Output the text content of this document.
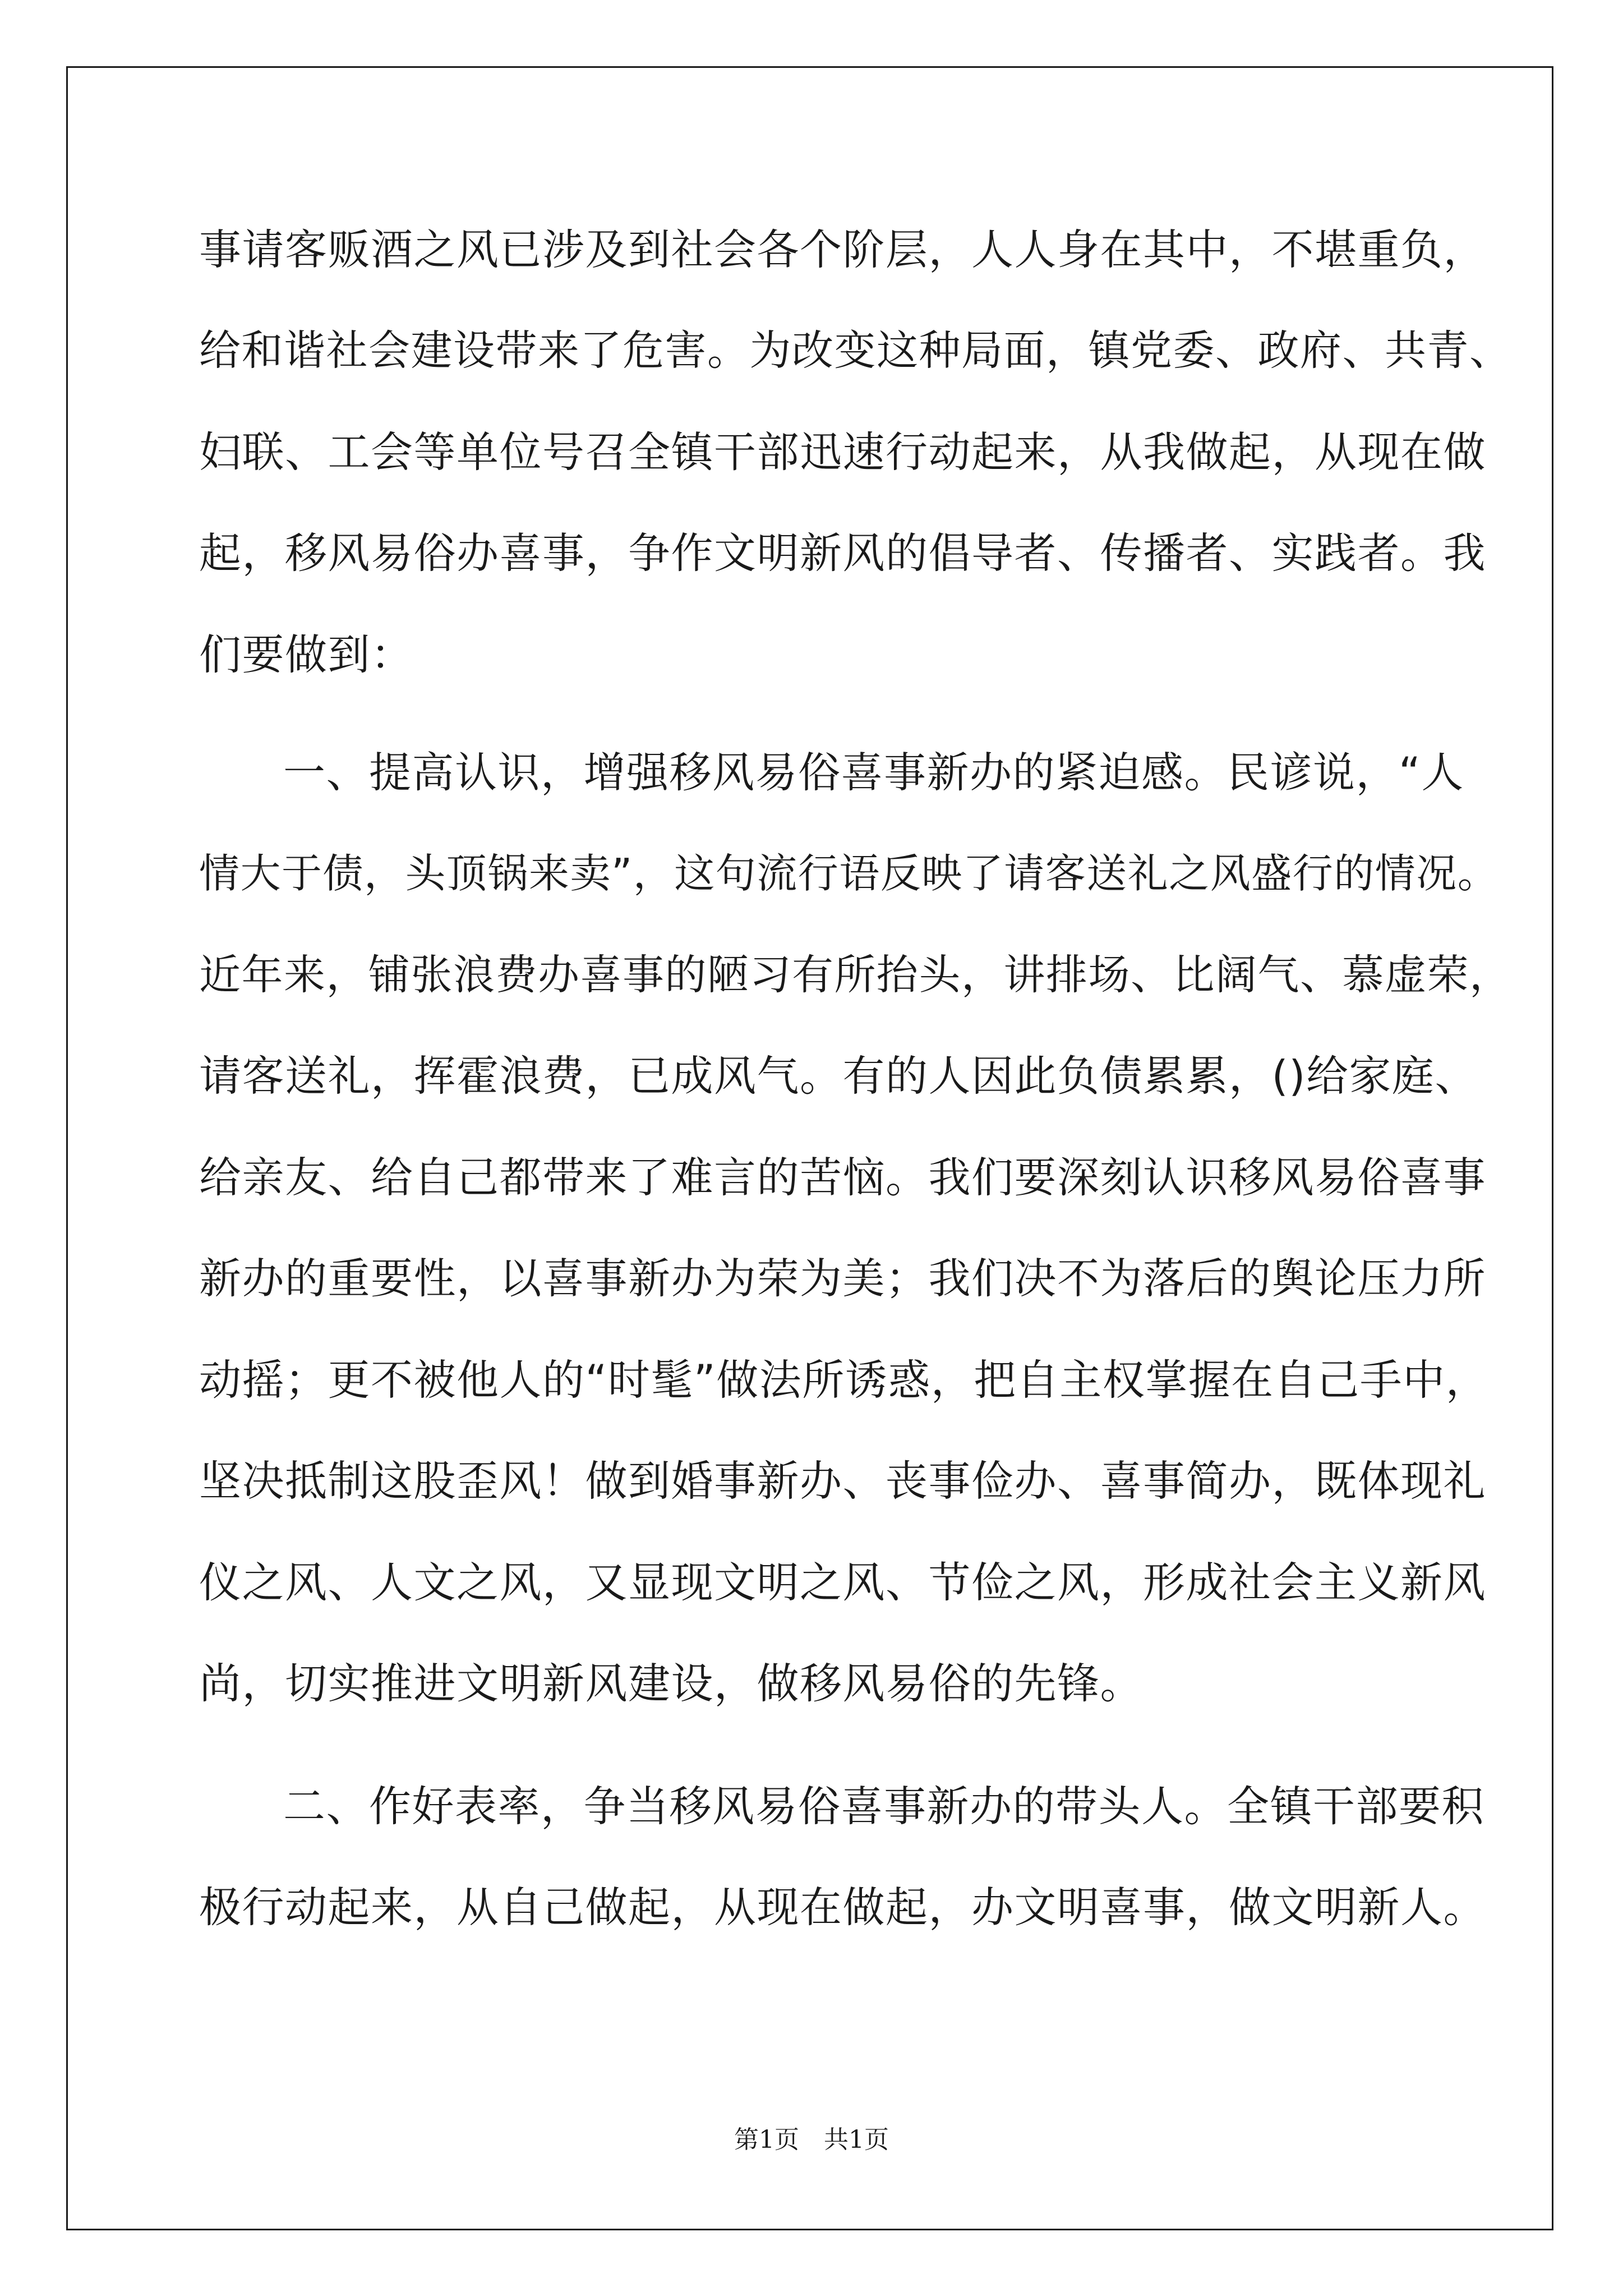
事请客贩酒之风已涉及到社会各个阶层，人人身在其中，不堪重负，
给和谐社会建设带来了危害。为改变这种局面，镇党委、政府、共青、
妇联、工会等单位号召全镇干部迅速行动起来，从我做起，从现在做
起，移风易俗办喜事，争作文明新风的倡导者、传播者、实践者。我
们要做到：
一、提高认识，增强移风易俗喜事新办的紧迫感。民谚说，“人
情大于债，头顶锅来卖”，这句流行语反映了请客送礼之风盛行的情况。
近年来，铺张浪费办喜事的陋习有所抬头，讲排场、比阔气、慕虚荣，
请客送礼，挥霍浪费，已成风气。有的人因此负债累累，()给家庭、
给亲友、给自己都带来了难言的苦恼。我们要深刻认识移风易俗喜事
新办的重要性，以喜事新办为荣为美；我们决不为落后的舆论压力所
动摇；更不被他人的“时髦”做法所诱惑，把自主权掌握在自己手中，
坚决抵制这股歪风！做到婚事新办、丧事俭办、喜事简办，既体现礼
仪之风、人文之风，又显现文明之风、节俭之风，形成社会主义新风
尚，切实推进文明新风建设，做移风易俗的先锋。
二、作好表率，争当移风易俗喜事新办的带头人。全镇干部要积
极行动起来，从自己做起，从现在做起，办文明喜事，做文明新人。
第1页　共1页
